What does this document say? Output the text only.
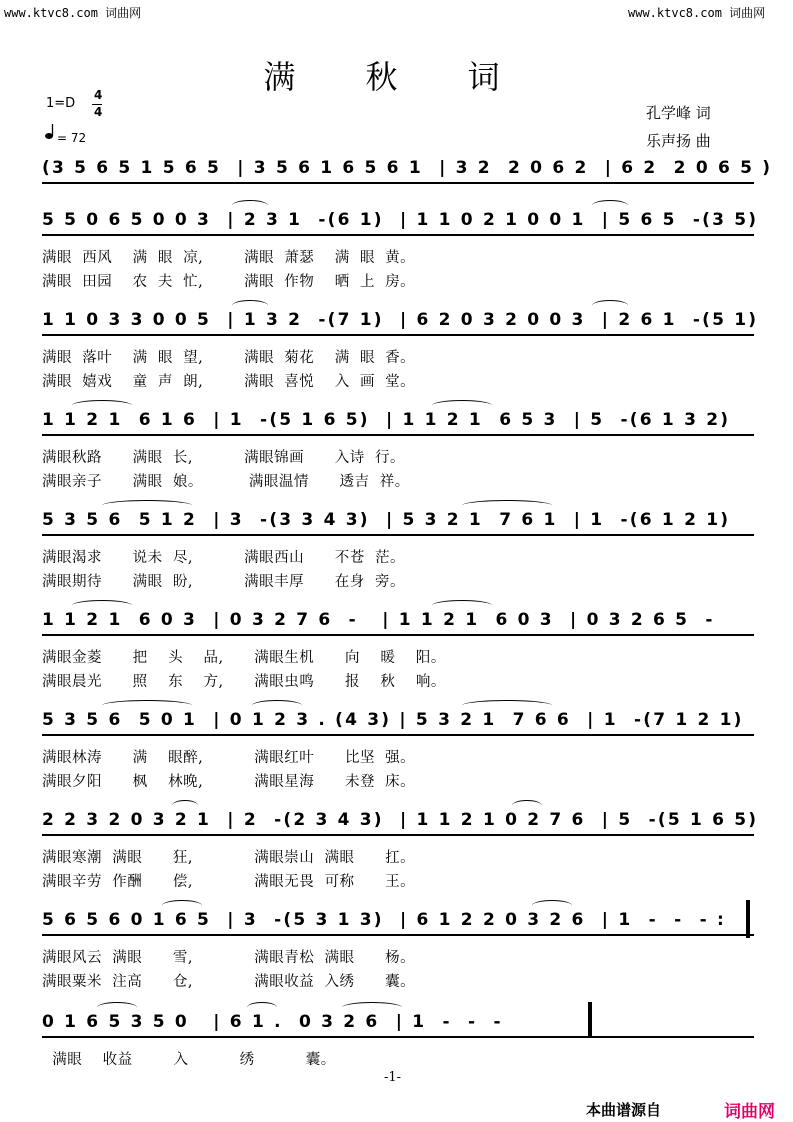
www.ktvc8.com 词曲网	www.ktvc8.com 词曲网
满 秋 词
1=D
4
4
= 72
孔学峰 词
乐声扬 曲
(3 5 6 5 1 5 6 5  | 3 5 6 1 6 5 6 1  | 3 2  2 0 6 2  | 6 2  2 0 6 5 )
5 5 0 6 5 0 0 3  | 2 3 1  -(6 1)  | 1 1 0 2 1 0 0 1  | 5 6 5  -(3 5)
满眼  西风    满  眼  凉,        满眼  萧瑟    满  眼  黄。
满眼  田园    农  夫  忙,        满眼  作物    晒  上  房。
1 1 0 3 3 0 0 5  | 1 3 2  -(7 1)  | 6 2 0 3 2 0 0 3  | 2 6 1  -(5 1)
满眼  落叶    满  眼  望,        满眼  菊花    满  眼  香。
满眼  嬉戏    童  声  朗,        满眼  喜悦    入  画  堂。
1 1 2 1  6 1 6  | 1  -(5 1 6 5)  | 1 1 2 1  6 5 3  | 5  -(6 1 3 2)
满眼秋路      满眼  长,          满眼锦画      入诗  行。
满眼亲子      满眼  娘。         满眼温情      透吉  祥。
5 3 5 6  5 1 2  | 3  -(3 3 4 3)  | 5 3 2 1  7 6 1  | 1  -(6 1 2 1)
满眼渴求      说未  尽,          满眼西山      不苍  茫。
满眼期待      满眼  盼,          满眼丰厚      在身  旁。
1 1 2 1  6 0 3  | 0 3 2 7 6  -   | 1 1 2 1  6 0 3  | 0 3 2 6 5  -
满眼金菱      把    头    品,      满眼生机      向    暖    阳。
满眼晨光      照    东    方,      满眼虫鸣      报    秋    响。
5 3 5 6  5 0 1  | 0 1 2 3 . (4 3) | 5 3 2 1  7 6 6  | 1  -(7 1 2 1)
满眼林涛      满    眼醉,          满眼红叶      比坚  强。
满眼夕阳      枫    林晚,          满眼星海      未登  床。
2 2 3 2 0 3 2 1  | 2  -(2 3 4 3)  | 1 1 2 1 0 2 7 6  | 5  -(5 1 6 5)
满眼寒潮  满眼      狂,            满眼崇山  满眼      扛。
满眼辛劳  作酬      偿,            满眼无畏  可称      王。
5 6 5 6 0 1 6 5  | 3  -(5 3 1 3)  | 6 1 2 2 0 3 2 6  | 1  -  -  - :
满眼风云  满眼      雪,            满眼青松  满眼      杨。
满眼粟米  注高      仓,            满眼收益  入绣      囊。
0 1 6 5 3 5 0   | 6 1 .  0 3 2 6  | 1  -  -  -
满眼    收益        入          绣          囊。
-1-
本曲谱源自	词曲网
